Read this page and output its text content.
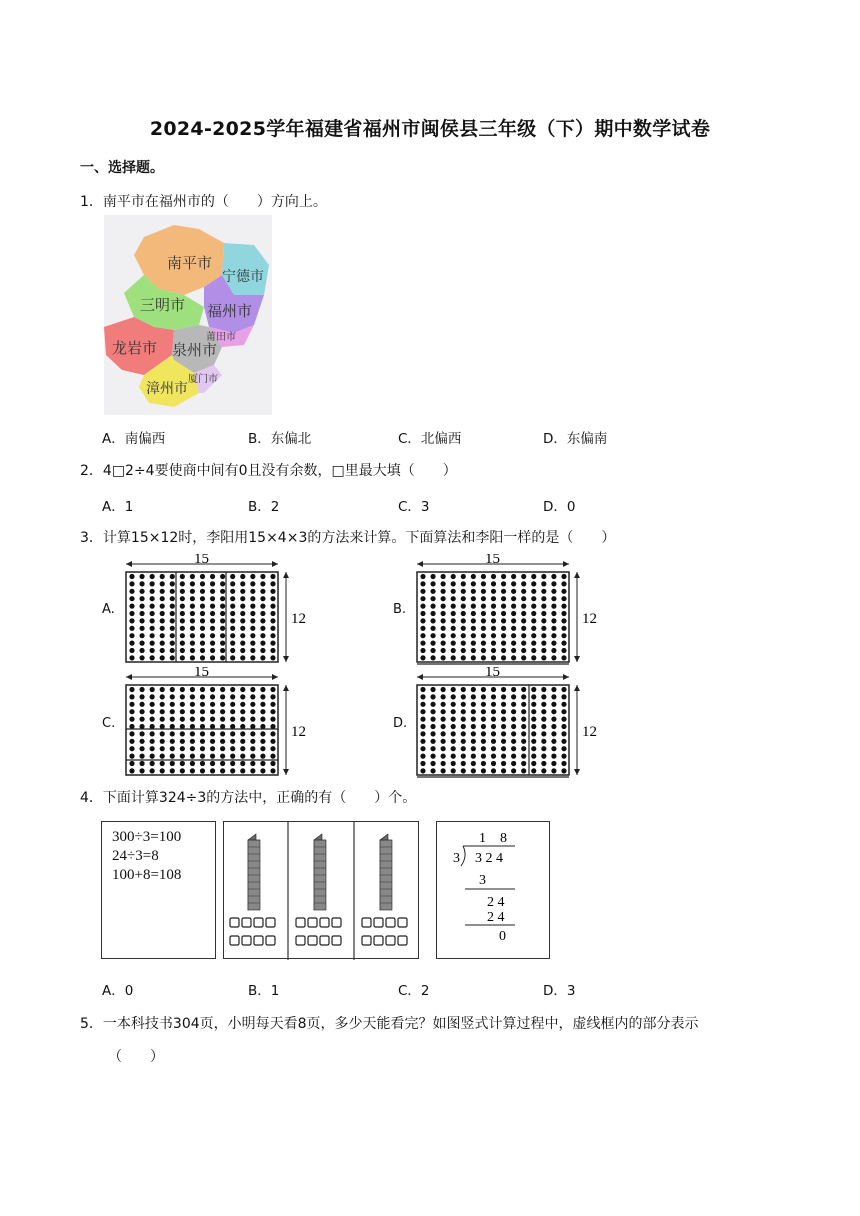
2024-2025学年福建省福州市闽侯县三年级（下）期中数学试卷
一、选择题。
1．南平市在福州市的（　　）方向上。
南平市
宁德市
三明市 福州市
莆田市
龙岩市 泉州市
漳州市
厦门市
A．南偏西	B．东偏北	C．北偏西	D．东偏南
2．4□2÷4要使商中间有0且没有余数，□里最大填（　　）
A．1	B．2	C．3	D．0
3．计算15×12时，李阳用15×4×3的方法来计算。下面算法和李阳一样的是（　　）
A.	B.
C.	D.
15
12
15
12
15
12
15
12
4．下面计算324÷3的方法中，正确的有（　　）个。
300÷3=100
24÷3=8
100+8=108
1　8
3 3 2 4
3
2 4
2 4
0
A．0	B．1	C．2	D．3
5．一本科技书304页，小明每天看8页，多少天能看完？如图竖式计算过程中，虚线框内的部分表示
（　　）
